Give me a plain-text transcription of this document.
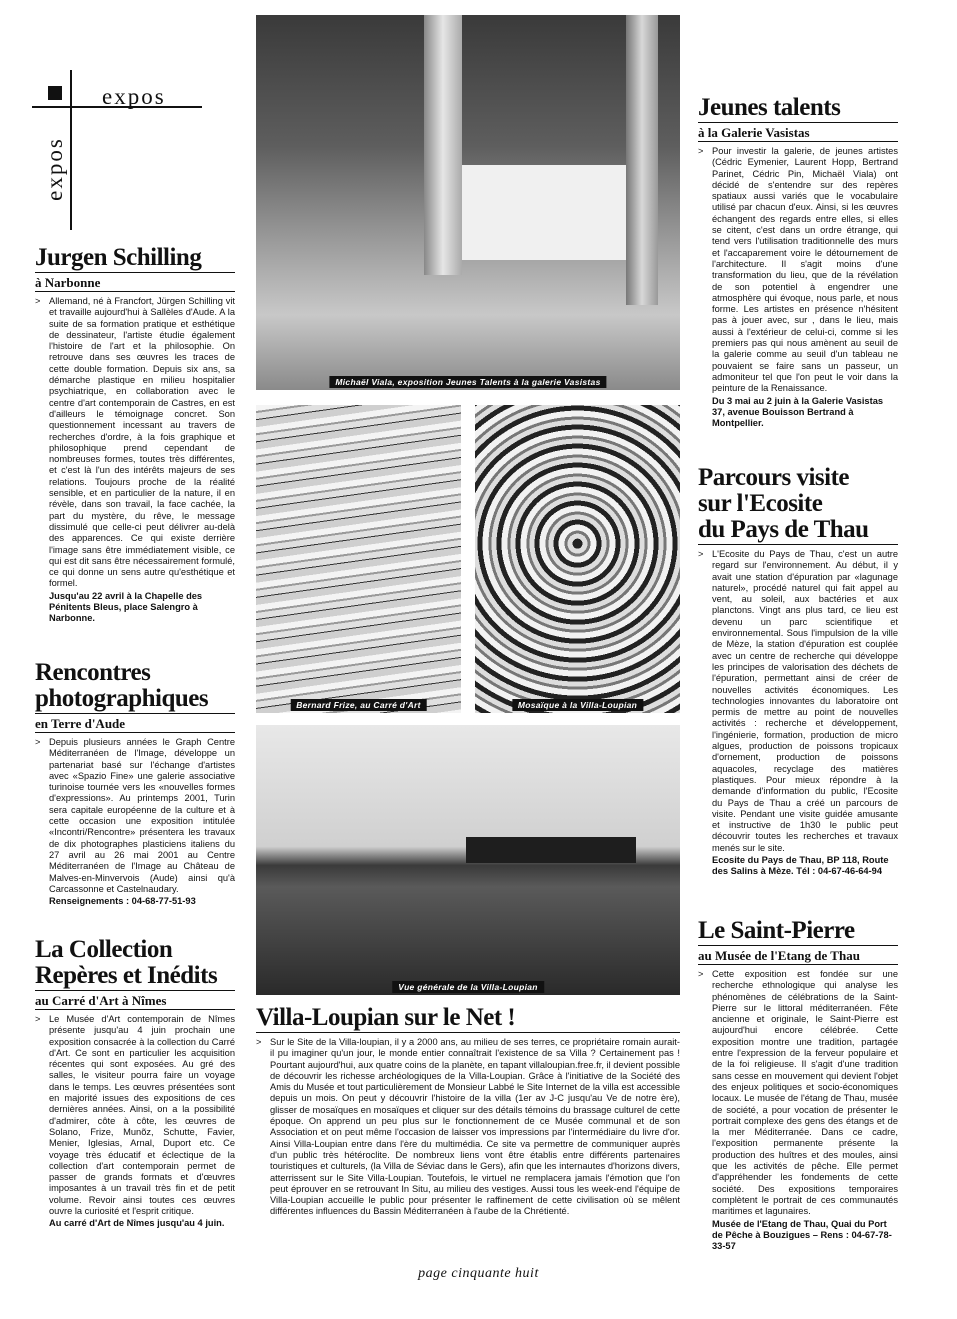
expos
expos
Jurgen Schilling
à Narbonne
> Allemand, né à Francfort, Jürgen Schilling vit et travaille aujourd'hui à Sallèles d'Aude. A la suite de sa formation pratique et esthétique de dessinateur, l'artiste étudie également l'histoire de l'art et la philosophie. On retrouve dans ses œuvres les traces de cette double formation. Depuis six ans, sa démarche plastique en milieu hospitalier psychiatrique, en collaboration avec le centre d'art contemporain de Castres, en est d'ailleurs le témoignage concret. Son questionnement incessant au travers de recherches d'ordre, à la fois graphique et philosophique prend cependant de nombreuses formes, toutes très différentes, et c'est là l'un des intérêts majeurs de ses relations. Toujours proche de la réalité sensible, et en particulier de la nature, il en révèle, dans son travail, la face cachée, la part du mystère, du rêve, le message dissimulé que celle-ci peut délivrer au-delà des apparences. Ce qui existe derrière l'image sans être immédiatement visible, ce qui est dit sans être nécessairement formulé, ce qui donne un sens autre qu'esthétique et formel.

Jusqu'au 22 avril à la Chapelle des Pénitents Bleus, place Salengro à Narbonne.
Rencontres
photographiques
en Terre d'Aude
> Depuis plusieurs années le Graph Centre Méditerranéen de l'Image, développe un partenariat basé sur l'échange d'artistes avec «Spazio Fine» une galerie associative turinoise tournée vers les «nouvelles formes d'expressions». Au printemps 2001, Turin sera capitale européenne de la culture et à cette occasion une exposition intitulée «Incontri/Rencontre» présentera les travaux de dix photographes plasticiens italiens du 27 avril au 26 mai 2001 au Centre Méditerranéen de l'Image au Château de Malves-en-Minvervois (Aude) ainsi qu'à Carcassonne et Castelnaudary.

Renseignements : 04-68-77-51-93
La Collection
Repères et Inédits
au Carré d'Art à Nîmes
> Le Musée d'Art contemporain de Nîmes présente jusqu'au 4 juin prochain une exposition consacrée à la collection du Carré d'Art. Ce sont en particulier les acquisition récentes qui sont exposées. Au gré des salles, le visiteur pourra faire un voyage dans le temps. Les œuvres présentées sont en majorité issues des expositions de ces dernières années. Ainsi, on a la possibilité d'admirer, côte à côte, les œuvres de Solano, Frize, Munõz, Schutte, Favier, Menier, Iglesias, Arnal, Duport etc. Ce voyage très éducatif et éclectique de la collection d'art contemporain permet de passer de grands formats et d'œuvres imposantes à un travail très fin et de petit volume. Revoir ainsi toutes ces œuvres ouvre la curiosité et l'esprit critique.

Au carré d'Art de Nîmes jusqu'au 4 juin.
Michaël Viala, exposition Jeunes Talents à la galerie Vasistas
Bernard Frize, au Carré d'Art	Mosaïque à la Villa-Loupian
Vue générale de la Villa-Loupian
Villa-Loupian sur le Net !
> Sur le Site de la Villa-loupian, il y a 2000 ans, au milieu de ses terres, ce propriétaire romain aurait-il pu imaginer qu'un jour, le monde entier connaîtrait l'existence de sa Villa ? Certainement pas ! Pourtant aujourd'hui, aux quatre coins de la planète, en tapant villaloupian.free.fr, il devient possible de découvrir les richesse archéologiques de la Villa-Loupian. Grâce à l'initiative de la Société des Amis du Musée et tout particulièrement de Monsieur Labbé le Site Internet de la villa est accessible depuis un mois. On peut y découvrir l'histoire de la villa (1er av J-C jusqu'au Ve de notre ère), glisser de mosaïques en mosaïques et cliquer sur des détails témoins du brassage culturel de cette époque. On apprend un peu plus sur le fonctionnement de ce Musée communal et de son Association et on peut même l'occasion de laisser vos impressions par l'intermédiaire du livre d'or. Ainsi Villa-Loupian entre dans l'ère du multimédia. Ce site va permettre de communiquer auprès d'un public très hétéroclite. De nombreux liens vont être établis entre différents partenaires touristiques et culturels, (la Villa de Séviac dans le Gers), afin que les internautes d'horizons divers, atterrissent sur le Site Villa-Loupian. Toutefois, le virtuel ne remplacera jamais l'émotion que l'on peut éprouver en se retrouvant In Situ, au milieu des vestiges. Aussi tous les week-end l'équipe de Villa-Loupian accueille le public pour présenter le raffinement de cette civilisation où se mêlent différentes influences du Bassin Méditerranéen à l'aube de la Chrétienté.

Jeunes talents
à la Galerie Vasistas
> Pour investir la galerie, de jeunes artistes (Cédric Eymenier, Laurent Hopp, Bertrand Parinet, Cédric Pin, Michaël Viala) ont décidé de s'entendre sur des repères spatiaux aussi variés que le vocabulaire utilisé par chacun d'eux. Ainsi, si les œuvres échangent des regards entre elles, si elles se citent, c'est dans un ordre étrange, qui tend vers l'utilisation traditionnelle des murs et l'accaparement voire le détournement de l'architecture. Il s'agit moins d'une transformation du lieu, que de la révélation de son potentiel à engendrer une atmosphère qui évoque, nous parle, et nous forme. Les artistes en présence n'hésitent pas à jouer avec, sur , dans le lieu, mais aussi à l'extérieur de celui-ci, comme si les premiers pas qui nous amènent au seuil de la galerie comme au seuil d'un tableau ne pouvaient se faire sans un passeur, un admoniteur tel que l'on peut le voir dans la peinture de la Renaissance.

Du 3 mai au 2 juin à la Galerie Vasistas 37, avenue Bouisson Bertrand à Montpellier.
Parcours visite
sur l'Ecosite
du Pays de Thau
> L'Ecosite du Pays de Thau, c'est un autre regard sur l'environnement. Au début, il y avait une station d'épuration par «lagunage naturel», procédé naturel qui fait appel au vent, au soleil, aux bactéries et aux planctons. Vingt ans plus tard, ce lieu est devenu un parc scientifique et environnemental. Sous l'impulsion de la ville de Mèze, la station d'épuration est couplée avec un centre de recherche qui développe les principes de valorisation des déchets de l'épuration, permettant ainsi de créer de nouvelles activités économiques. Les technologies innovantes du laboratoire ont permis de mettre au point de nouvelles activités : recherche et développement, l'ingénierie, formation, production de micro algues, production de poissons tropicaux d'ornement, production de poissons aquacoles, recyclage des matières plastiques. Pour mieux répondre à la demande d'information du public, l'Ecosite du Pays de Thau a créé un parcours de visite. Pendant une visite guidée amusante et instructive de 1h30 le public peut découvrir toutes les recherches et travaux menés sur le site.

Ecosite du Pays de Thau, BP 118, Route des Salins à Mèze. Tél : 04-67-46-64-94
Le Saint-Pierre
au Musée de l'Etang de Thau
> Cette exposition est fondée sur une recherche ethnologique qui analyse les phénomènes de célébrations de la Saint-Pierre sur le littoral méditerranéen. Fête ancienne et originale, le Saint-Pierre est aujourd'hui encore célébrée. Cette exposition montre une tradition, partagée entre l'expression de la ferveur populaire et de la foi religieuse. Il s'agit d'une tradition sans cesse en mouvement qui devient l'objet des enjeux politiques et socio-économiques locaux. Le musée de l'étang de Thau, musée de société, a pour vocation de présenter le portrait complexe des gens des étangs et de la mer Méditerranée. Dans ce cadre, l'exposition permanente présente la production des huîtres et des moules, ainsi que les activités de pêche. Elle permet d'appréhender les fondements de cette société. Des expositions temporaires complètent le portrait de ces communautés maritimes et lagunaires.

Musée de l'Etang de Thau, Quai du Port de Pêche à Bouzigues – Rens : 04-67-78-33-57
page cinquante huit
